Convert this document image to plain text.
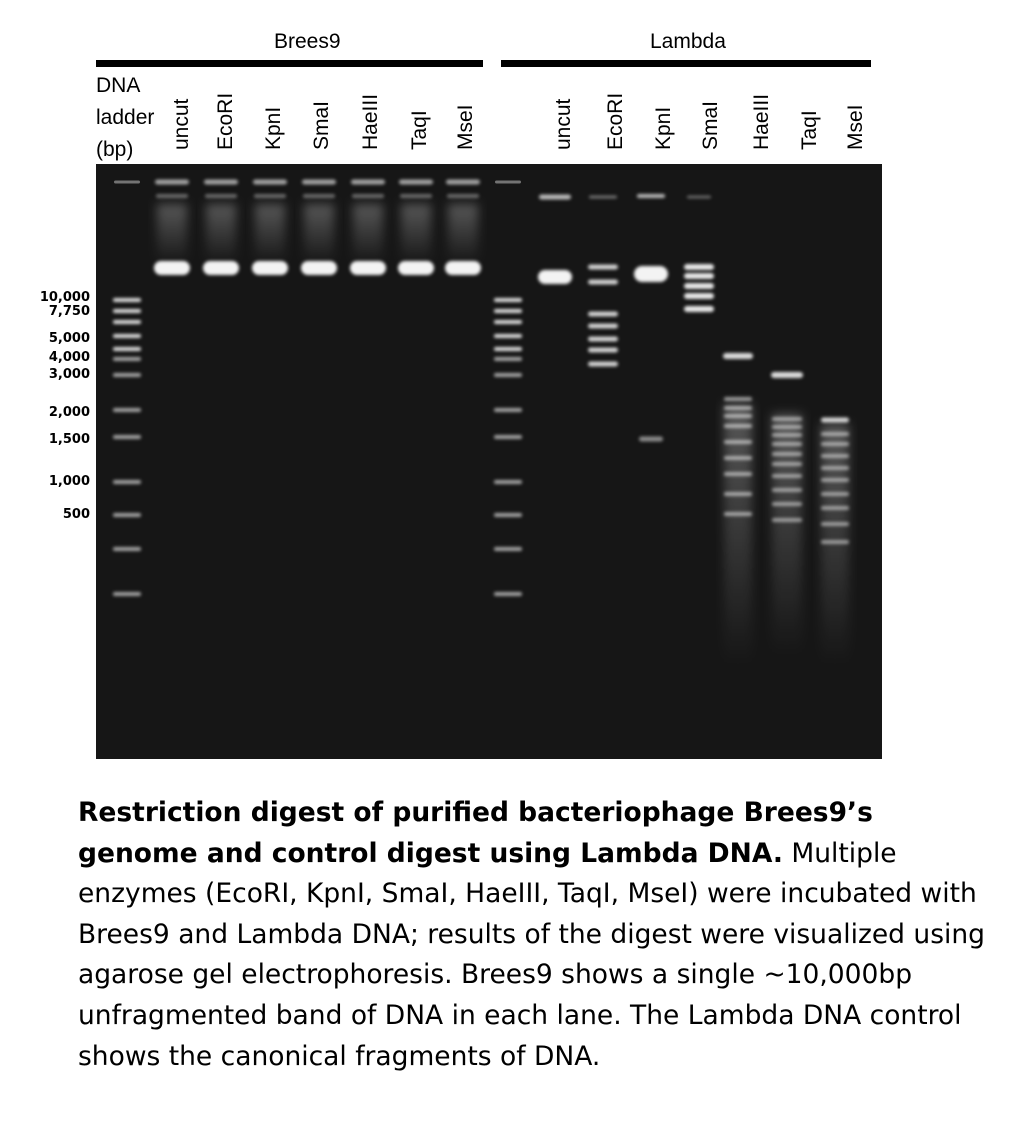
Brees9	Lambda
DNA
ladder
(bp)	uncut EcoRI KpnI SmaI HaeIII TaqI MseI	uncut EcoRI KpnI SmaI HaeIII TaqI MseI
10,000
7,750
5,000
4,000
3,000
2,000
1,500
1,000
500
Restriction digest of purified bacteriophage Brees9’s genome and control digest using Lambda DNA. Multiple enzymes (EcoRI, KpnI, SmaI, HaeIII, TaqI, MseI) were incubated with Brees9 and Lambda DNA; results of the digest were visualized using agarose gel electrophoresis. Brees9 shows a single ~10,000bp unfragmented band of DNA in each lane. The Lambda DNA control shows the canonical fragments of DNA.
